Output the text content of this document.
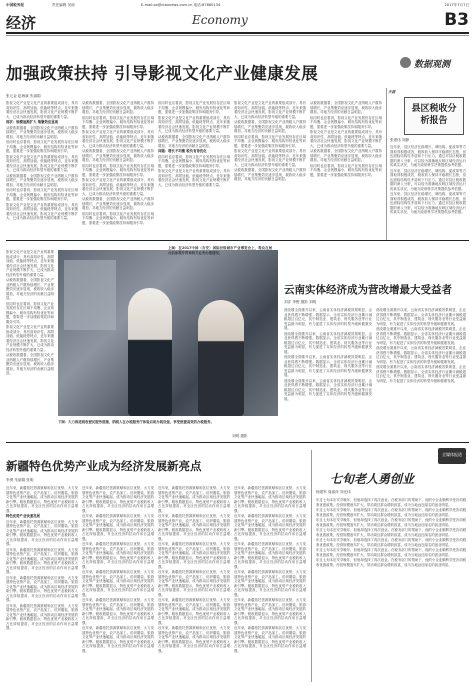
中国税务报	责任编辑 吴琼	E-mail:ps@ctaxnews.com.cn 电话:87660134	2017年7月7日
经济	Economy	B3
数据观测
加强政策扶持 引导影视文化产业健康发展
张元金 赵海斌 朱丽娟
影视文化产业是文化产业的重要组成部分，具有高知识性、高附加值、低能耗等特点，近年来随着经济社会快速发展，影视文化产业规模不断扩大，已成为推动经济转型升级的重要力量。
现状：规模逐渐扩大 集聚效应显现
从税收数据看，全国影视文化产业纳税人户数持续增长，产业集聚效应逐步显现，税收收入稳步增加，对地方经济的贡献日益明显。
但同时也应看到，影视文化产业发展仍存在区域不均衡、企业规模偏小、税负结构有待优化等问题，需要进一步加强政策扶持和服务引导。
影视文化产业是文化产业的重要组成部分，具有高知识性、高附加值、低能耗等特点，近年来随着经济社会快速发展，影视文化产业规模不断扩大，已成为推动经济转型升级的重要力量。
从税收数据看，全国影视文化产业纳税人户数持续增长，产业集聚效应逐步显现，税收收入稳步增加，对地方经济的贡献日益明显。
但同时也应看到，影视文化产业发展仍存在区域不均衡、企业规模偏小、税负结构有待优化等问题，需要进一步加强政策扶持和服务引导。
影视文化产业是文化产业的重要组成部分，具有高知识性、高附加值、低能耗等特点，近年来随着经济社会快速发展，影视文化产业规模不断扩大，已成为推动经济转型升级的重要力量。
从税收数据看，全国影视文化产业纳税人户数持续增长，产业集聚效应逐步显现，税收收入稳步增加，对地方经济的贡献日益明显。
但同时也应看到，影视文化产业发展仍存在区域不均衡、企业规模偏小、税负结构有待优化等问题，需要进一步加强政策扶持和服务引导。
影视文化产业是文化产业的重要组成部分，具有高知识性、高附加值、低能耗等特点，近年来随着经济社会快速发展，影视文化产业规模不断扩大，已成为推动经济转型升级的重要力量。
从税收数据看，全国影视文化产业纳税人户数持续增长，产业集聚效应逐步显现，税收收入稳步增加，对地方经济的贡献日益明显。
但同时也应看到，影视文化产业发展仍存在区域不均衡、企业规模偏小、税负结构有待优化等问题，需要进一步加强政策扶持和服务引导。
影视文化产业是文化产业的重要组成部分，具有高知识性、高附加值、低能耗等特点，近年来随着经济社会快速发展，影视文化产业规模不断扩大，已成为推动经济转型升级的重要力量。
从税收数据看，全国影视文化产业纳税人户数持续增长，产业集聚效应逐步显现，税收收入稳步增加，对地方经济的贡献日益明显。
但同时也应看到，影视文化产业发展仍存在区域不均衡、企业规模偏小、税负结构有待优化等问题，需要进一步加强政策扶持和服务引导。
但同时也应看到，影视文化产业发展仍存在区域不均衡、企业规模偏小、税负结构有待优化等问题，需要进一步加强政策扶持和服务引导。
影视文化产业是文化产业的重要组成部分，具有高知识性、高附加值、低能耗等特点，近年来随着经济社会快速发展，影视文化产业规模不断扩大，已成为推动经济转型升级的重要力量。
从税收数据看，全国影视文化产业纳税人户数持续增长，产业集聚效应逐步显现，税收收入稳步增加，对地方经济的贡献日益明显。
问题：增长不均衡 税负有待优化
但同时也应看到，影视文化产业发展仍存在区域不均衡、企业规模偏小、税负结构有待优化等问题，需要进一步加强政策扶持和服务引导。
影视文化产业是文化产业的重要组成部分，具有高知识性、高附加值、低能耗等特点，近年来随着经济社会快速发展，影视文化产业规模不断扩大，已成为推动经济转型升级的重要力量。
影视文化产业是文化产业的重要组成部分，具有高知识性、高附加值、低能耗等特点，近年来随着经济社会快速发展，影视文化产业规模不断扩大，已成为推动经济转型升级的重要力量。
从税收数据看，全国影视文化产业纳税人户数持续增长，产业集聚效应逐步显现，税收收入稳步增加，对地方经济的贡献日益明显。
但同时也应看到，影视文化产业发展仍存在区域不均衡、企业规模偏小、税负结构有待优化等问题，需要进一步加强政策扶持和服务引导。
影视文化产业是文化产业的重要组成部分，具有高知识性、高附加值、低能耗等特点，近年来随着经济社会快速发展，影视文化产业规模不断扩大，已成为推动经济转型升级的重要力量。
从税收数据看，全国影视文化产业纳税人户数持续增长，产业集聚效应逐步显现，税收收入稳步增加，对地方经济的贡献日益明显。
从税收数据看，全国影视文化产业纳税人户数持续增长，产业集聚效应逐步显现，税收收入稳步增加，对地方经济的贡献日益明显。
但同时也应看到，影视文化产业发展仍存在区域不均衡、企业规模偏小、税负结构有待优化等问题，需要进一步加强政策扶持和服务引导。
影视文化产业是文化产业的重要组成部分，具有高知识性、高附加值、低能耗等特点，近年来随着经济社会快速发展，影视文化产业规模不断扩大，已成为推动经济转型升级的重要力量。
从税收数据看，全国影视文化产业纳税人户数持续增长，产业集聚效应逐步显现，税收收入稳步增加，对地方经济的贡献日益明显。
但同时也应看到，影视文化产业发展仍存在区域不均衡、企业规模偏小、税负结构有待优化等问题，需要进一步加强政策扶持和服务引导。
天涯
县区税收分析报告
张建伟 刘静
近年来，县区经济在稳增长、调结构、促改革等方面取得积极成效，税收收入保持平稳增长态势，但也面临结构性矛盾和下行压力。通过对县区税收数据的深入分析，可以较为准确地反映区域经济运行的真实状况，为地方政府科学决策提供参考依据。
近年来，县区经济在稳增长、调结构、促改革等方面取得积极成效，税收收入保持平稳增长态势，但也面临结构性矛盾和下行压力。通过对县区税收数据的深入分析，可以较为准确地反映区域经济运行的真实状况，为地方政府科学决策提供参考依据。
近年来，县区经济在稳增长、调结构、促改革等方面取得积极成效，税收收入保持平稳增长态势，但也面临结构性矛盾和下行压力。通过对县区税收数据的深入分析，可以较为准确地反映区域经济运行的真实状况，为地方政府科学决策提供参考依据。
上图：在2017中国（吉安）国际县级城市产业博览会上，观众在展台前参观并咨询相关业务办理情况。
下图：大力推进税收便民服务措施，纳税人在办税服务厅体验自助办税设备，享受便捷高效的办税服务。
刘明 摄影
影视文化产业是文化产业的重要组成部分，具有高知识性、高附加值、低能耗等特点，近年来随着经济社会快速发展，影视文化产业规模不断扩大，已成为推动经济转型升级的重要力量。
从税收数据看，全国影视文化产业纳税人户数持续增长，产业集聚效应逐步显现，税收收入稳步增加，对地方经济的贡献日益明显。
但同时也应看到，影视文化产业发展仍存在区域不均衡、企业规模偏小、税负结构有待优化等问题，需要进一步加强政策扶持和服务引导。
影视文化产业是文化产业的重要组成部分，具有高知识性、高附加值、低能耗等特点，近年来随着经济社会快速发展，影视文化产业规模不断扩大，已成为推动经济转型升级的重要力量。
从税收数据看，全国影视文化产业纳税人户数持续增长，产业集聚效应逐步显现，税收收入稳步增加，对地方经济的贡献日益明显。
云南实体经济成为营改增最大受益者
刘洋 李俊 摄影 刘明
营改增全面推开以来，云南省实体经济减税效果明显，企业获得感不断增强。数据显示，全省实体经济行业累计减税超过百亿元，其中制造业、建筑业、现代服务业等行业受益最为明显，有力促进了实体经济的转型升级和健康发展。
营改增全面推开以来，云南省实体经济减税效果明显，企业获得感不断增强。数据显示，全省实体经济行业累计减税超过百亿元，其中制造业、建筑业、现代服务业等行业受益最为明显，有力促进了实体经济的转型升级和健康发展。
营改增全面推开以来，云南省实体经济减税效果明显，企业获得感不断增强。数据显示，全省实体经济行业累计减税超过百亿元，其中制造业、建筑业、现代服务业等行业受益最为明显，有力促进了实体经济的转型升级和健康发展。
营改增全面推开以来，云南省实体经济减税效果明显，企业获得感不断增强。数据显示，全省实体经济行业累计减税超过百亿元，其中制造业、建筑业、现代服务业等行业受益最为明显，有力促进了实体经济的转型升级和健康发展。
营改增全面推开以来，云南省实体经济减税效果明显，企业获得感不断增强。数据显示，全省实体经济行业累计减税超过百亿元，其中制造业、建筑业、现代服务业等行业受益最为明显，有力促进了实体经济的转型升级和健康发展。
营改增全面推开以来，云南省实体经济减税效果明显，企业获得感不断增强。数据显示，全省实体经济行业累计减税超过百亿元，其中制造业、建筑业、现代服务业等行业受益最为明显，有力促进了实体经济的转型升级和健康发展。
营改增全面推开以来，云南省实体经济减税效果明显，企业获得感不断增强。数据显示，全省实体经济行业累计减税超过百亿元，其中制造业、建筑业、现代服务业等行业受益最为明显，有力促进了实体经济的转型升级和健康发展。
营改增全面推开以来，云南省实体经济减税效果明显，企业获得感不断增强。数据显示，全省实体经济行业累计减税超过百亿元，其中制造业、建筑业、现代服务业等行业受益最为明显，有力促进了实体经济的转型升级和健康发展。
新疆特色优势产业成为经济发展新亮点
李勇 朱丽娟 张明
近年来，新疆依托资源禀赋和区位优势，大力发展特色优势产业，农产品加工、纺织服装、旅游文化等产业快速崛起，成为推动区域经济发展的新引擎。税收数据显示，特色优势产业税收收入占比持续提高，对全区经济的拉动作用日益增强。
特色优势产业快速发展
近年来，新疆依托资源禀赋和区位优势，大力发展特色优势产业，农产品加工、纺织服装、旅游文化等产业快速崛起，成为推动区域经济发展的新引擎。税收数据显示，特色优势产业税收收入占比持续提高，对全区经济的拉动作用日益增强。
近年来，新疆依托资源禀赋和区位优势，大力发展特色优势产业，农产品加工、纺织服装、旅游文化等产业快速崛起，成为推动区域经济发展的新引擎。税收数据显示，特色优势产业税收收入占比持续提高，对全区经济的拉动作用日益增强。
近年来，新疆依托资源禀赋和区位优势，大力发展特色优势产业，农产品加工、纺织服装、旅游文化等产业快速崛起，成为推动区域经济发展的新引擎。税收数据显示，特色优势产业税收收入占比持续提高，对全区经济的拉动作用日益增强。
近年来，新疆依托资源禀赋和区位优势，大力发展特色优势产业，农产品加工、纺织服装、旅游文化等产业快速崛起，成为推动区域经济发展的新引擎。税收数据显示，特色优势产业税收收入占比持续提高，对全区经济的拉动作用日益增强。
近年来，新疆依托资源禀赋和区位优势，大力发展特色优势产业，农产品加工、纺织服装、旅游文化等产业快速崛起，成为推动区域经济发展的新引擎。税收数据显示，特色优势产业税收收入占比持续提高，对全区经济的拉动作用日益增强。
近年来，新疆依托资源禀赋和区位优势，大力发展特色优势产业，农产品加工、纺织服装、旅游文化等产业快速崛起，成为推动区域经济发展的新引擎。税收数据显示，特色优势产业税收收入占比持续提高，对全区经济的拉动作用日益增强。
近年来，新疆依托资源禀赋和区位优势，大力发展特色优势产业，农产品加工、纺织服装、旅游文化等产业快速崛起，成为推动区域经济发展的新引擎。税收数据显示，特色优势产业税收收入占比持续提高，对全区经济的拉动作用日益增强。
近年来，新疆依托资源禀赋和区位优势，大力发展特色优势产业，农产品加工、纺织服装、旅游文化等产业快速崛起，成为推动区域经济发展的新引擎。税收数据显示，特色优势产业税收收入占比持续提高，对全区经济的拉动作用日益增强。
近年来，新疆依托资源禀赋和区位优势，大力发展特色优势产业，农产品加工、纺织服装、旅游文化等产业快速崛起，成为推动区域经济发展的新引擎。税收数据显示，特色优势产业税收收入占比持续提高，对全区经济的拉动作用日益增强。
近年来，新疆依托资源禀赋和区位优势，大力发展特色优势产业，农产品加工、纺织服装、旅游文化等产业快速崛起，成为推动区域经济发展的新引擎。税收数据显示，特色优势产业税收收入占比持续提高，对全区经济的拉动作用日益增强。
近年来，新疆依托资源禀赋和区位优势，大力发展特色优势产业，农产品加工、纺织服装、旅游文化等产业快速崛起，成为推动区域经济发展的新引擎。税收数据显示，特色优势产业税收收入占比持续提高，对全区经济的拉动作用日益增强。
近年来，新疆依托资源禀赋和区位优势，大力发展特色优势产业，农产品加工、纺织服装、旅游文化等产业快速崛起，成为推动区域经济发展的新引擎。税收数据显示，特色优势产业税收收入占比持续提高，对全区经济的拉动作用日益增强。
近年来，新疆依托资源禀赋和区位优势，大力发展特色优势产业，农产品加工、纺织服装、旅游文化等产业快速崛起，成为推动区域经济发展的新引擎。税收数据显示，特色优势产业税收收入占比持续提高，对全区经济的拉动作用日益增强。
近年来，新疆依托资源禀赋和区位优势，大力发展特色优势产业，农产品加工、纺织服装、旅游文化等产业快速崛起，成为推动区域经济发展的新引擎。税收数据显示，特色优势产业税收收入占比持续提高，对全区经济的拉动作用日益增强。
近年来，新疆依托资源禀赋和区位优势，大力发展特色优势产业，农产品加工、纺织服装、旅游文化等产业快速崛起，成为推动区域经济发展的新引擎。税收数据显示，特色优势产业税收收入占比持续提高，对全区经济的拉动作用日益增强。
近年来，新疆依托资源禀赋和区位优势，大力发展特色优势产业，农产品加工、纺织服装、旅游文化等产业快速崛起，成为推动区域经济发展的新引擎。税收数据显示，特色优势产业税收收入占比持续提高，对全区经济的拉动作用日益增强。
近年来，新疆依托资源禀赋和区位优势，大力发展特色优势产业，农产品加工、纺织服装、旅游文化等产业快速崛起，成为推动区域经济发展的新引擎。税收数据显示，特色优势产业税收收入占比持续提高，对全区经济的拉动作用日益增强。
近年来，新疆依托资源禀赋和区位优势，大力发展特色优势产业，农产品加工、纺织服装、旅游文化等产业快速崛起，成为推动区域经济发展的新引擎。税收数据显示，特色优势产业税收收入占比持续提高，对全区经济的拉动作用日益增强。
近年来，新疆依托资源禀赋和区位优势，大力发展特色优势产业，农产品加工、纺织服装、旅游文化等产业快速崛起，成为推动区域经济发展的新引擎。税收数据显示，特色优势产业税收收入占比持续提高，对全区经济的拉动作用日益增强。
近年来，新疆依托资源禀赋和区位优势，大力发展特色优势产业，农产品加工、纺织服装、旅游文化等产业快速崛起，成为推动区域经济发展的新引擎。税收数据显示，特色优势产业税收收入占比持续提高，对全区经济的拉动作用日益增强。
近年来，新疆依托资源禀赋和区位优势，大力发展特色优势产业，农产品加工、纺织服装、旅游文化等产业快速崛起，成为推动区域经济发展的新引擎。税收数据显示，特色优势产业税收收入占比持续提高，对全区经济的拉动作用日益增强。
近年来，新疆依托资源禀赋和区位优势，大力发展特色优势产业，农产品加工、纺织服装、旅游文化等产业快速崛起，成为推动区域经济发展的新引擎。税收数据显示，特色优势产业税收收入占比持续提高，对全区经济的拉动作用日益增强。
全媒体报道
七旬老人勇创业
杨建军 周丽萍 刘光伟
年过七旬本应安享晚年，但他却选择了再次创业。在税务部门的帮助下，他的小企业顺利享受各项税收优惠政策，经营规模逐年扩大，带动周边群众增收致富，成为当地远近闻名的创业明星。
年过七旬本应安享晚年，但他却选择了再次创业。在税务部门的帮助下，他的小企业顺利享受各项税收优惠政策，经营规模逐年扩大，带动周边群众增收致富，成为当地远近闻名的创业明星。
年过七旬本应安享晚年，但他却选择了再次创业。在税务部门的帮助下，他的小企业顺利享受各项税收优惠政策，经营规模逐年扩大，带动周边群众增收致富，成为当地远近闻名的创业明星。
年过七旬本应安享晚年，但他却选择了再次创业。在税务部门的帮助下，他的小企业顺利享受各项税收优惠政策，经营规模逐年扩大，带动周边群众增收致富，成为当地远近闻名的创业明星。
年过七旬本应安享晚年，但他却选择了再次创业。在税务部门的帮助下，他的小企业顺利享受各项税收优惠政策，经营规模逐年扩大，带动周边群众增收致富，成为当地远近闻名的创业明星。
年过七旬本应安享晚年，但他却选择了再次创业。在税务部门的帮助下，他的小企业顺利享受各项税收优惠政策，经营规模逐年扩大，带动周边群众增收致富，成为当地远近闻名的创业明星。
年过七旬本应安享晚年，但他却选择了再次创业。在税务部门的帮助下，他的小企业顺利享受各项税收优惠政策，经营规模逐年扩大，带动周边群众增收致富，成为当地远近闻名的创业明星。
